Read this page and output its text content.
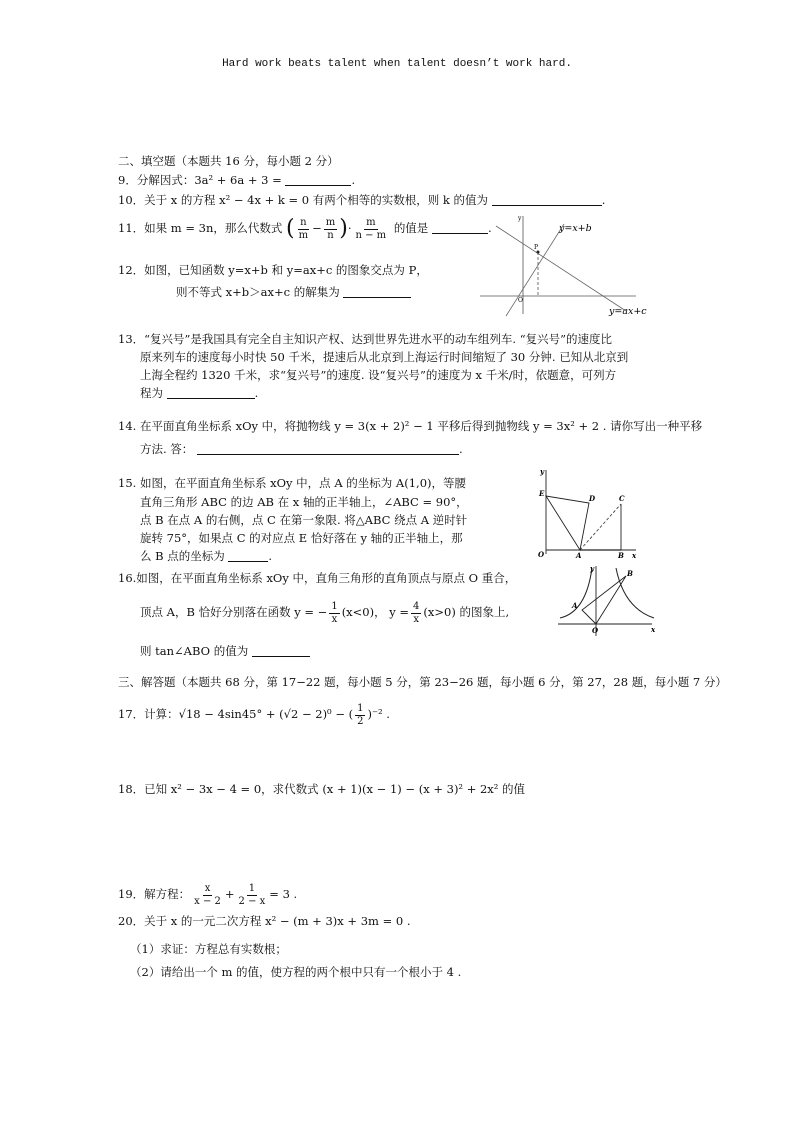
Hard work beats talent when talent doesn’t work hard.
二、填空题（本题共 16 分，每小题 2 分）
9．分解因式：3a² + 6a + 3 =	.
10．关于 x 的方程 x² − 4x + k = 0 有两个相等的实数根，则 k 的值为	.
11．如果 m = 3n，那么代数式 ( $\frac{n}{m} - \frac{m}{n}$ )· $\frac{m}{n - m}$ 的值是	.
12．如图，已知函数 y=x+b 和 y=ax+c 的图象交点为 P，
则不等式 x+b＞ax+c 的解集为
y
P
O
y=x+b
y=ax+c
13．“复兴号”是我国具有完全自主知识产权、达到世界先进水平的动车组列车. “复兴号”的速度比
原来列车的速度每小时快 50 千米，提速后从北京到上海运行时间缩短了 30 分钟. 已知从北京到
上海全程约 1320 千米，求“复兴号”的速度. 设“复兴号”的速度为 x 千米/时，依题意，可列方
程为	.
14. 在平面直角坐标系 xOy 中，将抛物线 y = 3(x + 2)² − 1 平移后得到抛物线 y = 3x² + 2 . 请你写出一种平移
方法. 答：	.
15. 如图，在平面直角坐标系 xOy 中，点 A 的坐标为 A(1,0)，等腰
直角三角形 ABC 的边 AB 在 x 轴的正半轴上，∠ABC = 90°，
点 B 在点 A 的右侧，点 C 在第一象限. 将△ABC 绕点 A 逆时针
旋转 75°，如果点 C 的对应点 E 恰好落在 y 轴的正半轴上，那
么 B 点的坐标为	.
y
x
O	A	B
C
D
E
16.如图，在平面直角坐标系 xOy 中，直角三角形的直角顶点与原点 O 重合，
顶点 A，B 恰好分别落在函数 y = − $\frac{1}{x} (x<0)$， $y = \frac{4}{x} (x>0)$ 的图象上,
则 tan∠ABO 的值为
y
x
O
A
B
三、解答题（本题共 68 分，第 17−22 题，每小题 5 分，第 23−26 题，每小题 6 分，第 27，28 题，每小题 7 分）
17．计算：√18 − 4sin45° + (√2 − 2)⁰ − ( $\frac{1}{2} )^{-2}$ .
18．已知 x² − 3x − 4 = 0，求代数式 (x + 1)(x − 1) − (x + 3)² + 2x² 的值
19．解方程： $\frac{x}{x - 2} + \frac{1}{2 - x} = 3$ .
20．关于 x 的一元二次方程 x² − (m + 3)x + 3m = 0 .
（1）求证：方程总有实数根；
（2）请给出一个 m 的值，使方程的两个根中只有一个根小于 4 .
